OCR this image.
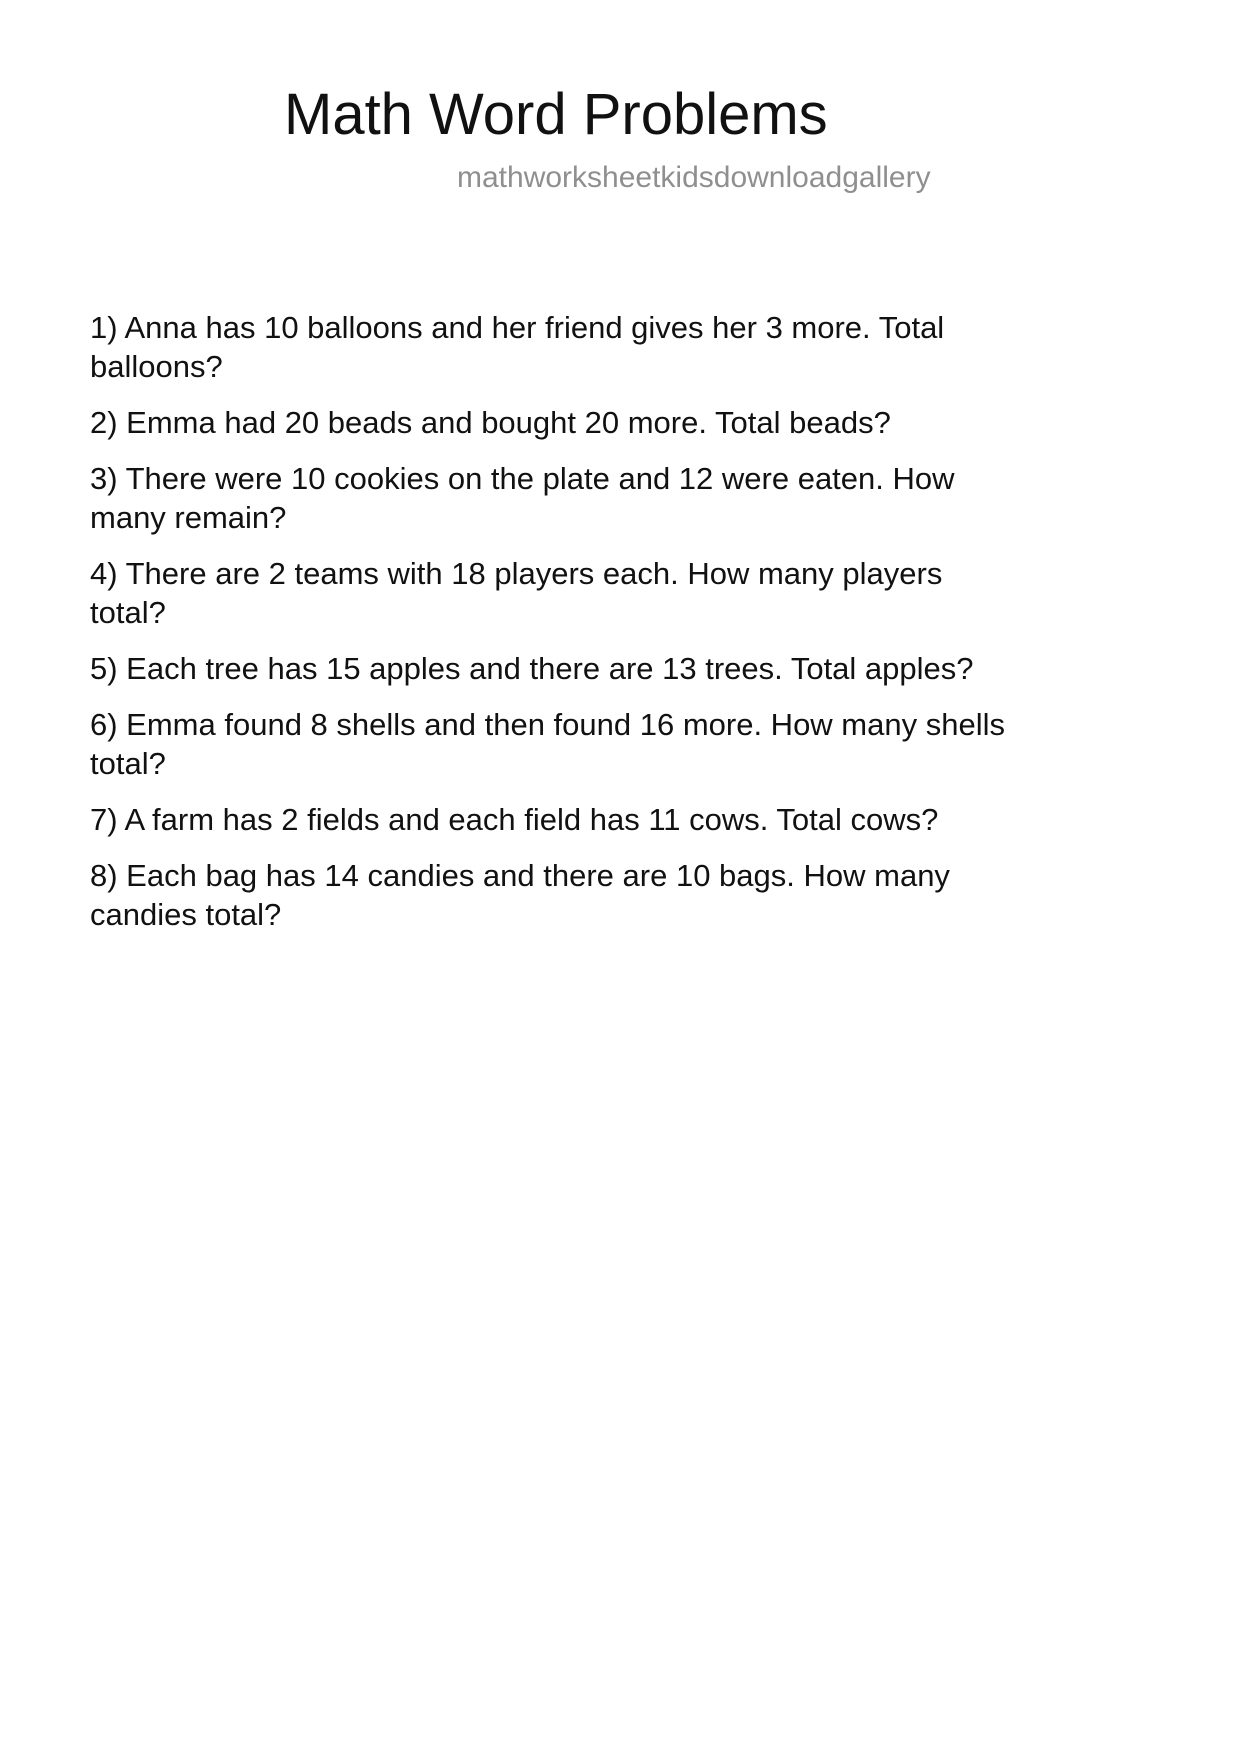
Math Word Problems
mathworksheetkidsdownloadgallery
1) Anna has 10 balloons and her friend gives her 3 more. Total
balloons?
2) Emma had 20 beads and bought 20 more. Total beads?
3) There were 10 cookies on the plate and 12 were eaten. How
many remain?
4) There are 2 teams with 18 players each. How many players
total?
5) Each tree has 15 apples and there are 13 trees. Total apples?
6) Emma found 8 shells and then found 16 more. How many shells
total?
7) A farm has 2 fields and each field has 11 cows. Total cows?
8) Each bag has 14 candies and there are 10 bags. How many
candies total?
